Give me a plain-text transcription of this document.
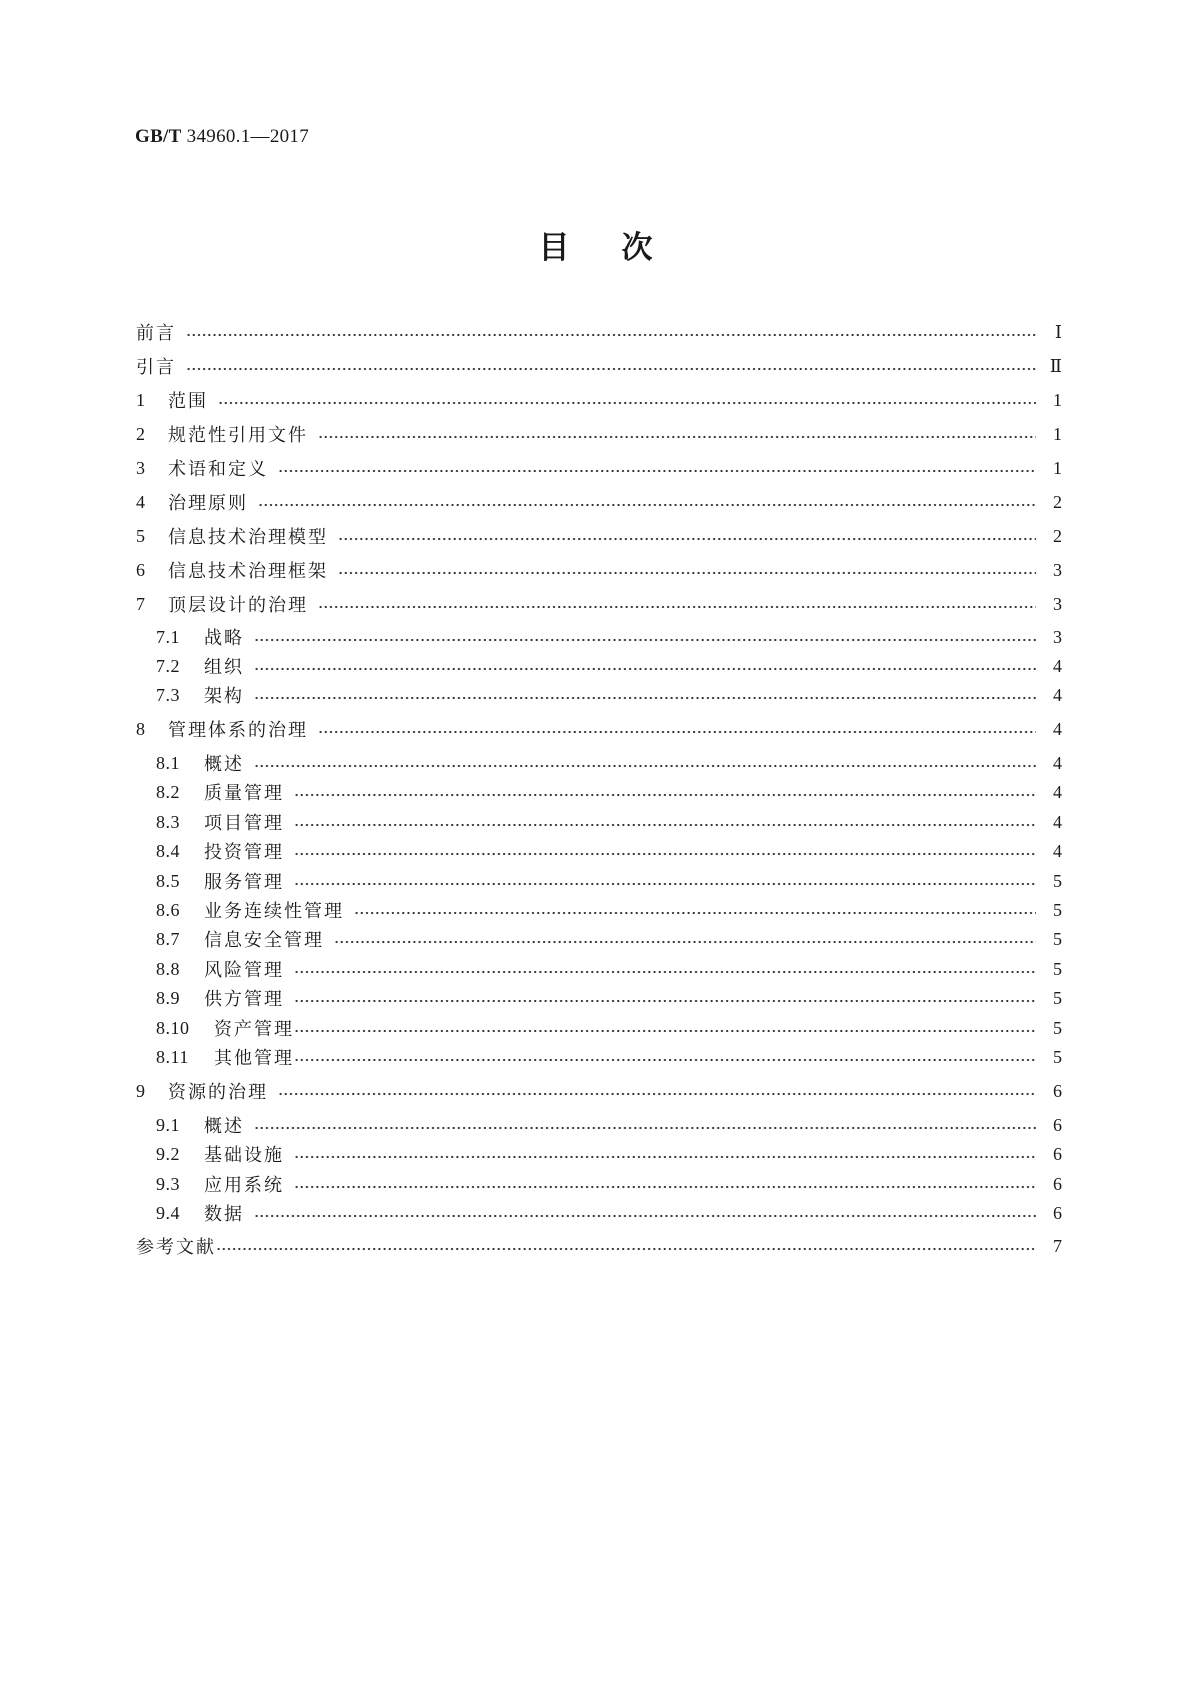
GB/T 34960.1—2017
目 次
前言	Ⅰ
引言	Ⅱ
1	范围	1
2	规范性引用文件	1
3	术语和定义	1
4	治理原则	2
5	信息技术治理模型	2
6	信息技术治理框架	3
7	顶层设计的治理	3
7.1	战略	3
7.2	组织	4
7.3	架构	4
8	管理体系的治理	4
8.1	概述	4
8.2	质量管理	4
8.3	项目管理	4
8.4	投资管理	4
8.5	服务管理	5
8.6	业务连续性管理	5
8.7	信息安全管理	5
8.8	风险管理	5
8.9	供方管理	5
8.10	资产管理	5
8.11	其他管理	5
9	资源的治理	6
9.1	概述	6
9.2	基础设施	6
9.3	应用系统	6
9.4	数据	6
参考文献	7
